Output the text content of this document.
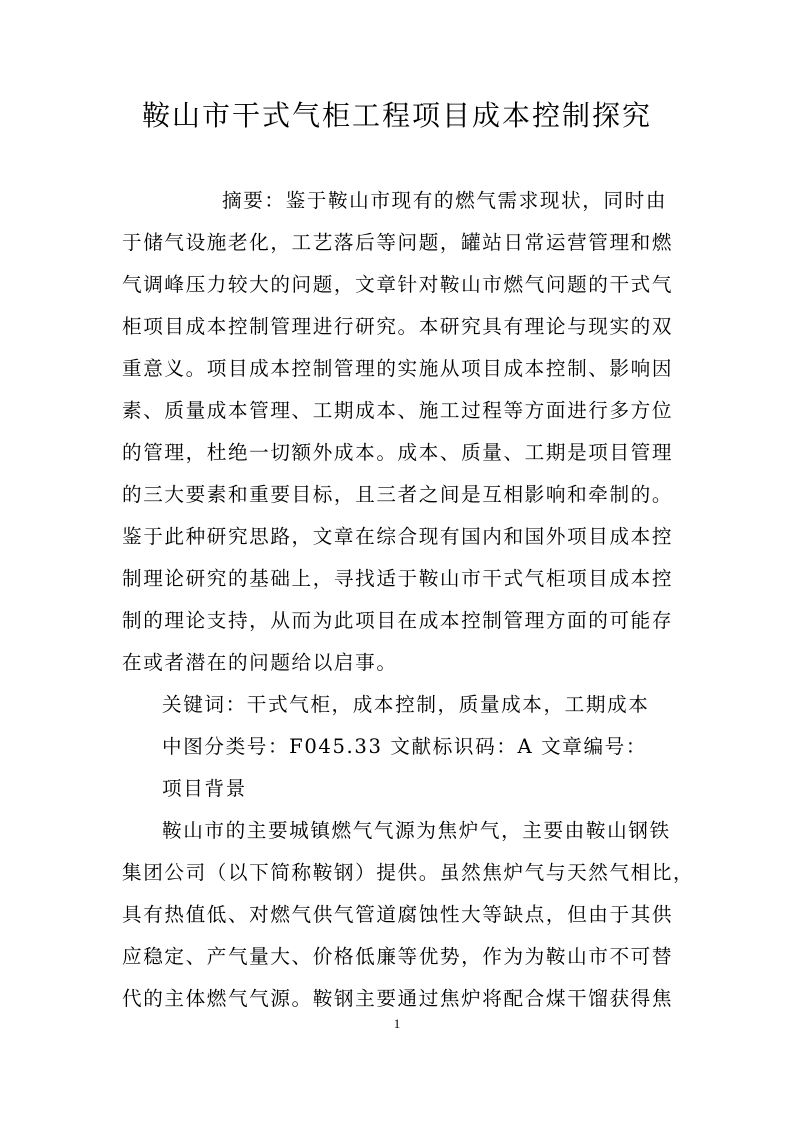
鞍山市干式气柜工程项目成本控制探究
摘要：鉴于鞍山市现有的燃气需求现状，同时由
于储气设施老化，工艺落后等问题，罐站日常运营管理和燃
气调峰压力较大的问题，文章针对鞍山市燃气问题的干式气
柜项目成本控制管理进行研究。本研究具有理论与现实的双
重意义。项目成本控制管理的实施从项目成本控制、影响因
素、质量成本管理、工期成本、施工过程等方面进行多方位
的管理，杜绝一切额外成本。成本、质量、工期是项目管理
的三大要素和重要目标，且三者之间是互相影响和牵制的。
鉴于此种研究思路，文章在综合现有国内和国外项目成本控
制理论研究的基础上，寻找适于鞍山市干式气柜项目成本控
制的理论支持，从而为此项目在成本控制管理方面的可能存
在或者潜在的问题给以启事。
关键词：干式气柜，成本控制，质量成本，工期成本
中图分类号：F045.33 文献标识码：A 文章编号：
项目背景
鞍山市的主要城镇燃气气源为焦炉气，主要由鞍山钢铁
集团公司（以下简称鞍钢）提供。虽然焦炉气与天然气相比，
具有热值低、对燃气供气管道腐蚀性大等缺点，但由于其供
应稳定、产气量大、价格低廉等优势，作为为鞍山市不可替
代的主体燃气气源。鞍钢主要通过焦炉将配合煤干馏获得焦
1
